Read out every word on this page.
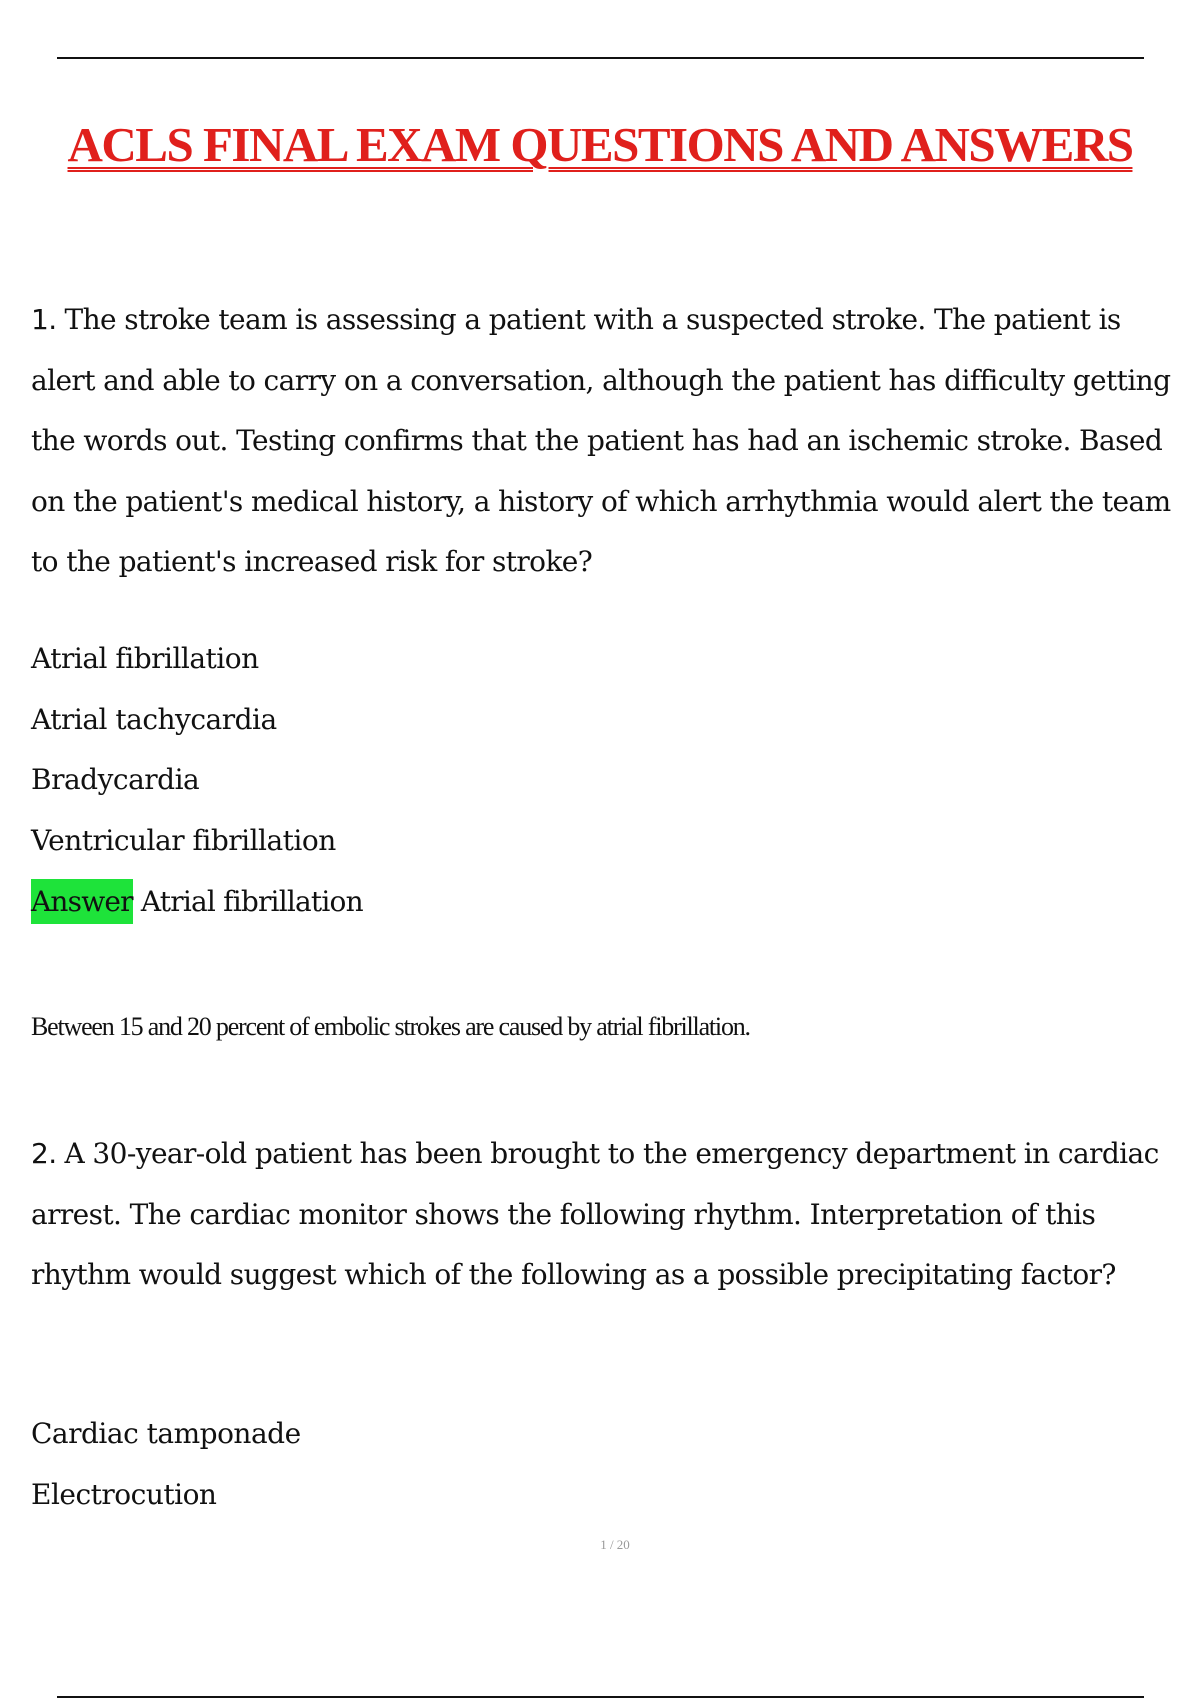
ACLS FINAL EXAM QUESTIONS AND ANSWERS
1. The stroke team is assessing a patient with a suspected stroke. The patient is alert and able to carry on a conversation, although the patient has difficulty getting the words out. Testing confirms that the patient has had an ischemic stroke. Based on the patient's medical history, a history of which arrhythmia would alert the team to the patient's increased risk for stroke?
Atrial fibrillation
Atrial tachycardia
Bradycardia
Ventricular fibrillation
Answer Atrial fibrillation
Between 15 and 20 percent of embolic strokes are caused by atrial fibrillation.
2. A 30-year-old patient has been brought to the emergency department in cardiac arrest. The cardiac monitor shows the following rhythm. Interpretation of this rhythm would suggest which of the following as a possible precipitating factor?
Cardiac tamponade
Electrocution
1 / 20
